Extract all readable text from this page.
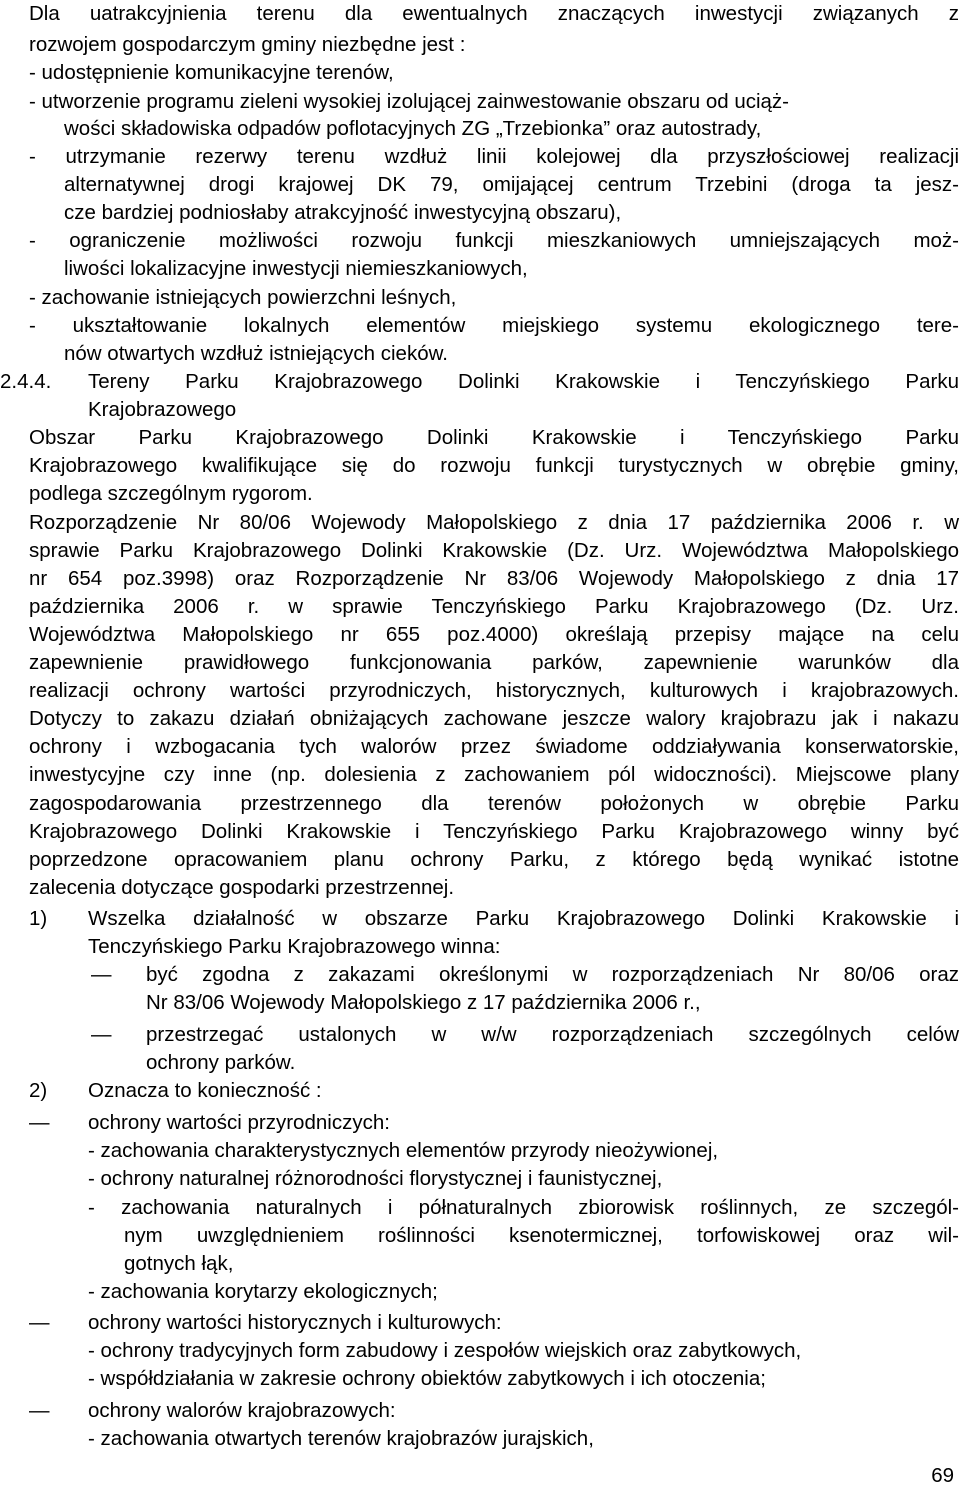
Dla uatrakcyjnienia terenu dla ewentualnych znaczących inwestycji związanych z
rozwojem gospodarczym gminy niezbędne jest :
- udostępnienie komunikacyjne terenów,
- utworzenie programu zieleni wysokiej izolującej zainwestowanie obszaru od uciąż-
wości składowiska odpadów poflotacyjnych ZG „Trzebionka” oraz autostrady,
- utrzymanie rezerwy terenu wzdłuż linii kolejowej dla przyszłościowej realizacji
alternatywnej drogi krajowej DK 79, omijającej centrum Trzebini (droga ta jesz-
cze bardziej podniosłaby atrakcyjność inwestycyjną obszaru),
- ograniczenie możliwości rozwoju funkcji mieszkaniowych umniejszających moż-
liwości lokalizacyjne inwestycji niemieszkaniowych,
- zachowanie istniejących powierzchni leśnych,
- ukształtowanie lokalnych elementów miejskiego systemu ekologicznego tere-
nów otwartych wzdłuż istniejących cieków.
2.4.4. Tereny Parku Krajobrazowego Dolinki Krakowskie i Tenczyńskiego Parku
Krajobrazowego
Obszar Parku Krajobrazowego Dolinki Krakowskie i Tenczyńskiego Parku
Krajobrazowego kwalifikujące się do rozwoju funkcji turystycznych w obrębie gminy,
podlega szczególnym rygorom.
Rozporządzenie Nr 80/06 Wojewody Małopolskiego z dnia 17 października 2006 r. w
sprawie Parku Krajobrazowego Dolinki Krakowskie (Dz. Urz. Województwa Małopolskiego
nr 654 poz.3998) oraz Rozporządzenie Nr 83/06 Wojewody Małopolskiego z dnia 17
października 2006 r. w sprawie Tenczyńskiego Parku Krajobrazowego (Dz. Urz.
Województwa Małopolskiego nr 655 poz.4000) określają przepisy mające na celu
zapewnienie prawidłowego funkcjonowania parków, zapewnienie warunków dla
realizacji ochrony wartości przyrodniczych, historycznych, kulturowych i krajobrazowych.
Dotyczy to zakazu działań obniżających zachowane jeszcze walory krajobrazu jak i nakazu
ochrony i wzbogacania tych walorów przez świadome oddziaływania konserwatorskie,
inwestycyjne czy inne (np. dolesienia z zachowaniem pól widoczności). Miejscowe plany
zagospodarowania przestrzennego dla terenów położonych w obrębie Parku
Krajobrazowego Dolinki Krakowskie i Tenczyńskiego Parku Krajobrazowego winny być
poprzedzone opracowaniem planu ochrony Parku, z którego będą wynikać istotne
zalecenia dotyczące gospodarki przestrzennej.
1) Wszelka działalność w obszarze Parku Krajobrazowego Dolinki Krakowskie i
Tenczyńskiego Parku Krajobrazowego winna:
― być zgodna z zakazami określonymi w rozporządzeniach Nr 80/06 oraz
Nr 83/06 Wojewody Małopolskiego z 17 października 2006 r.,
― przestrzegać ustalonych w w/w rozporządzeniach szczególnych celów
ochrony parków.
2) Oznacza to konieczność :
― ochrony wartości przyrodniczych:
- zachowania charakterystycznych elementów przyrody nieożywionej,
- ochrony naturalnej różnorodności florystycznej i faunistycznej,
- zachowania naturalnych i półnaturalnych zbiorowisk roślinnych, ze szczegól-
nym uwzględnieniem roślinności ksenotermicznej, torfowiskowej oraz wil-
gotnych łąk,
- zachowania korytarzy ekologicznych;
― ochrony wartości historycznych i kulturowych:
- ochrony tradycyjnych form zabudowy i zespołów wiejskich oraz zabytkowych,
- współdziałania w zakresie ochrony obiektów zabytkowych i ich otoczenia;
― ochrony walorów krajobrazowych:
- zachowania otwartych terenów krajobrazów jurajskich,
69
